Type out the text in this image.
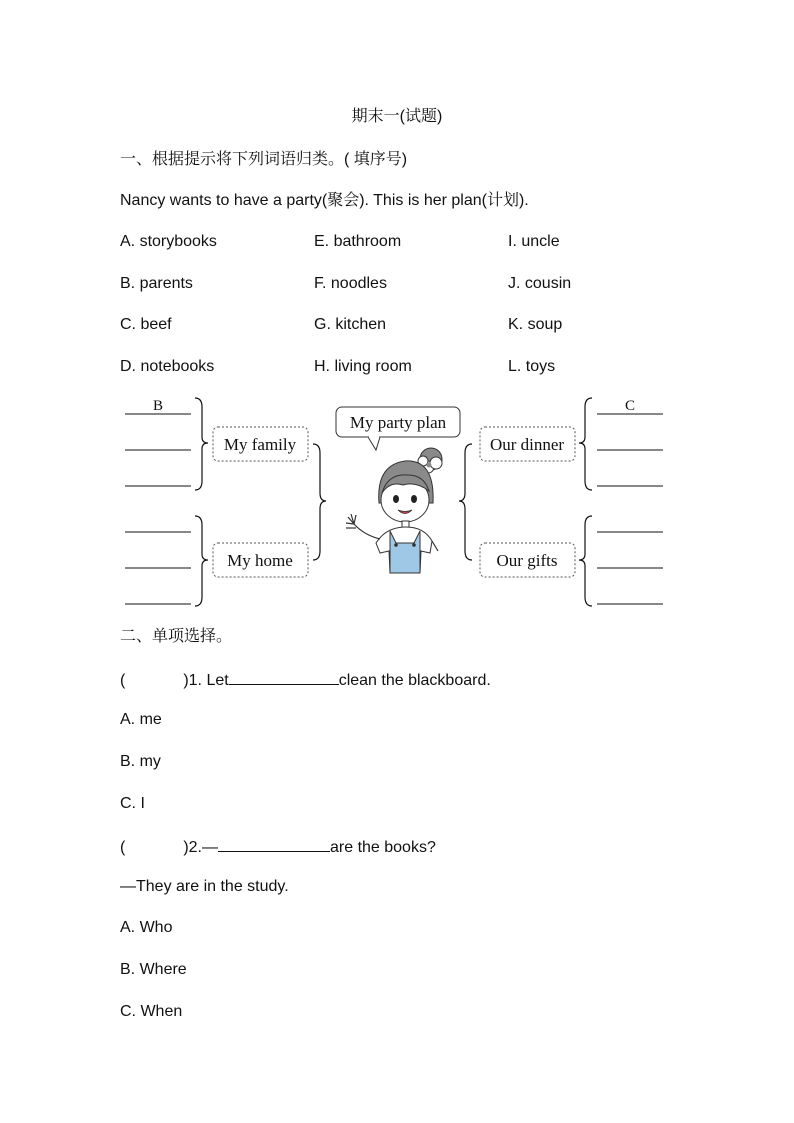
期末一(试题)
一、根据提示将下列词语归类。( 填序号)
Nancy wants to have a party(聚会). This is her plan(计划).
A. storybooks	E. bathroom	I. uncle
B. parents	F. noodles	J. cousin
C. beef	G. kitchen	K. soup
D. notebooks	H. living room	L. toys
B
My family
My home
My party plan
Our dinner
Our gifts
C
二、单项选择。
(	)1. Let	clean the blackboard.
A. me
B. my
C. I
(	)2.—	are the books?
—They are in the study.
A. Who
B. Where
C. When
